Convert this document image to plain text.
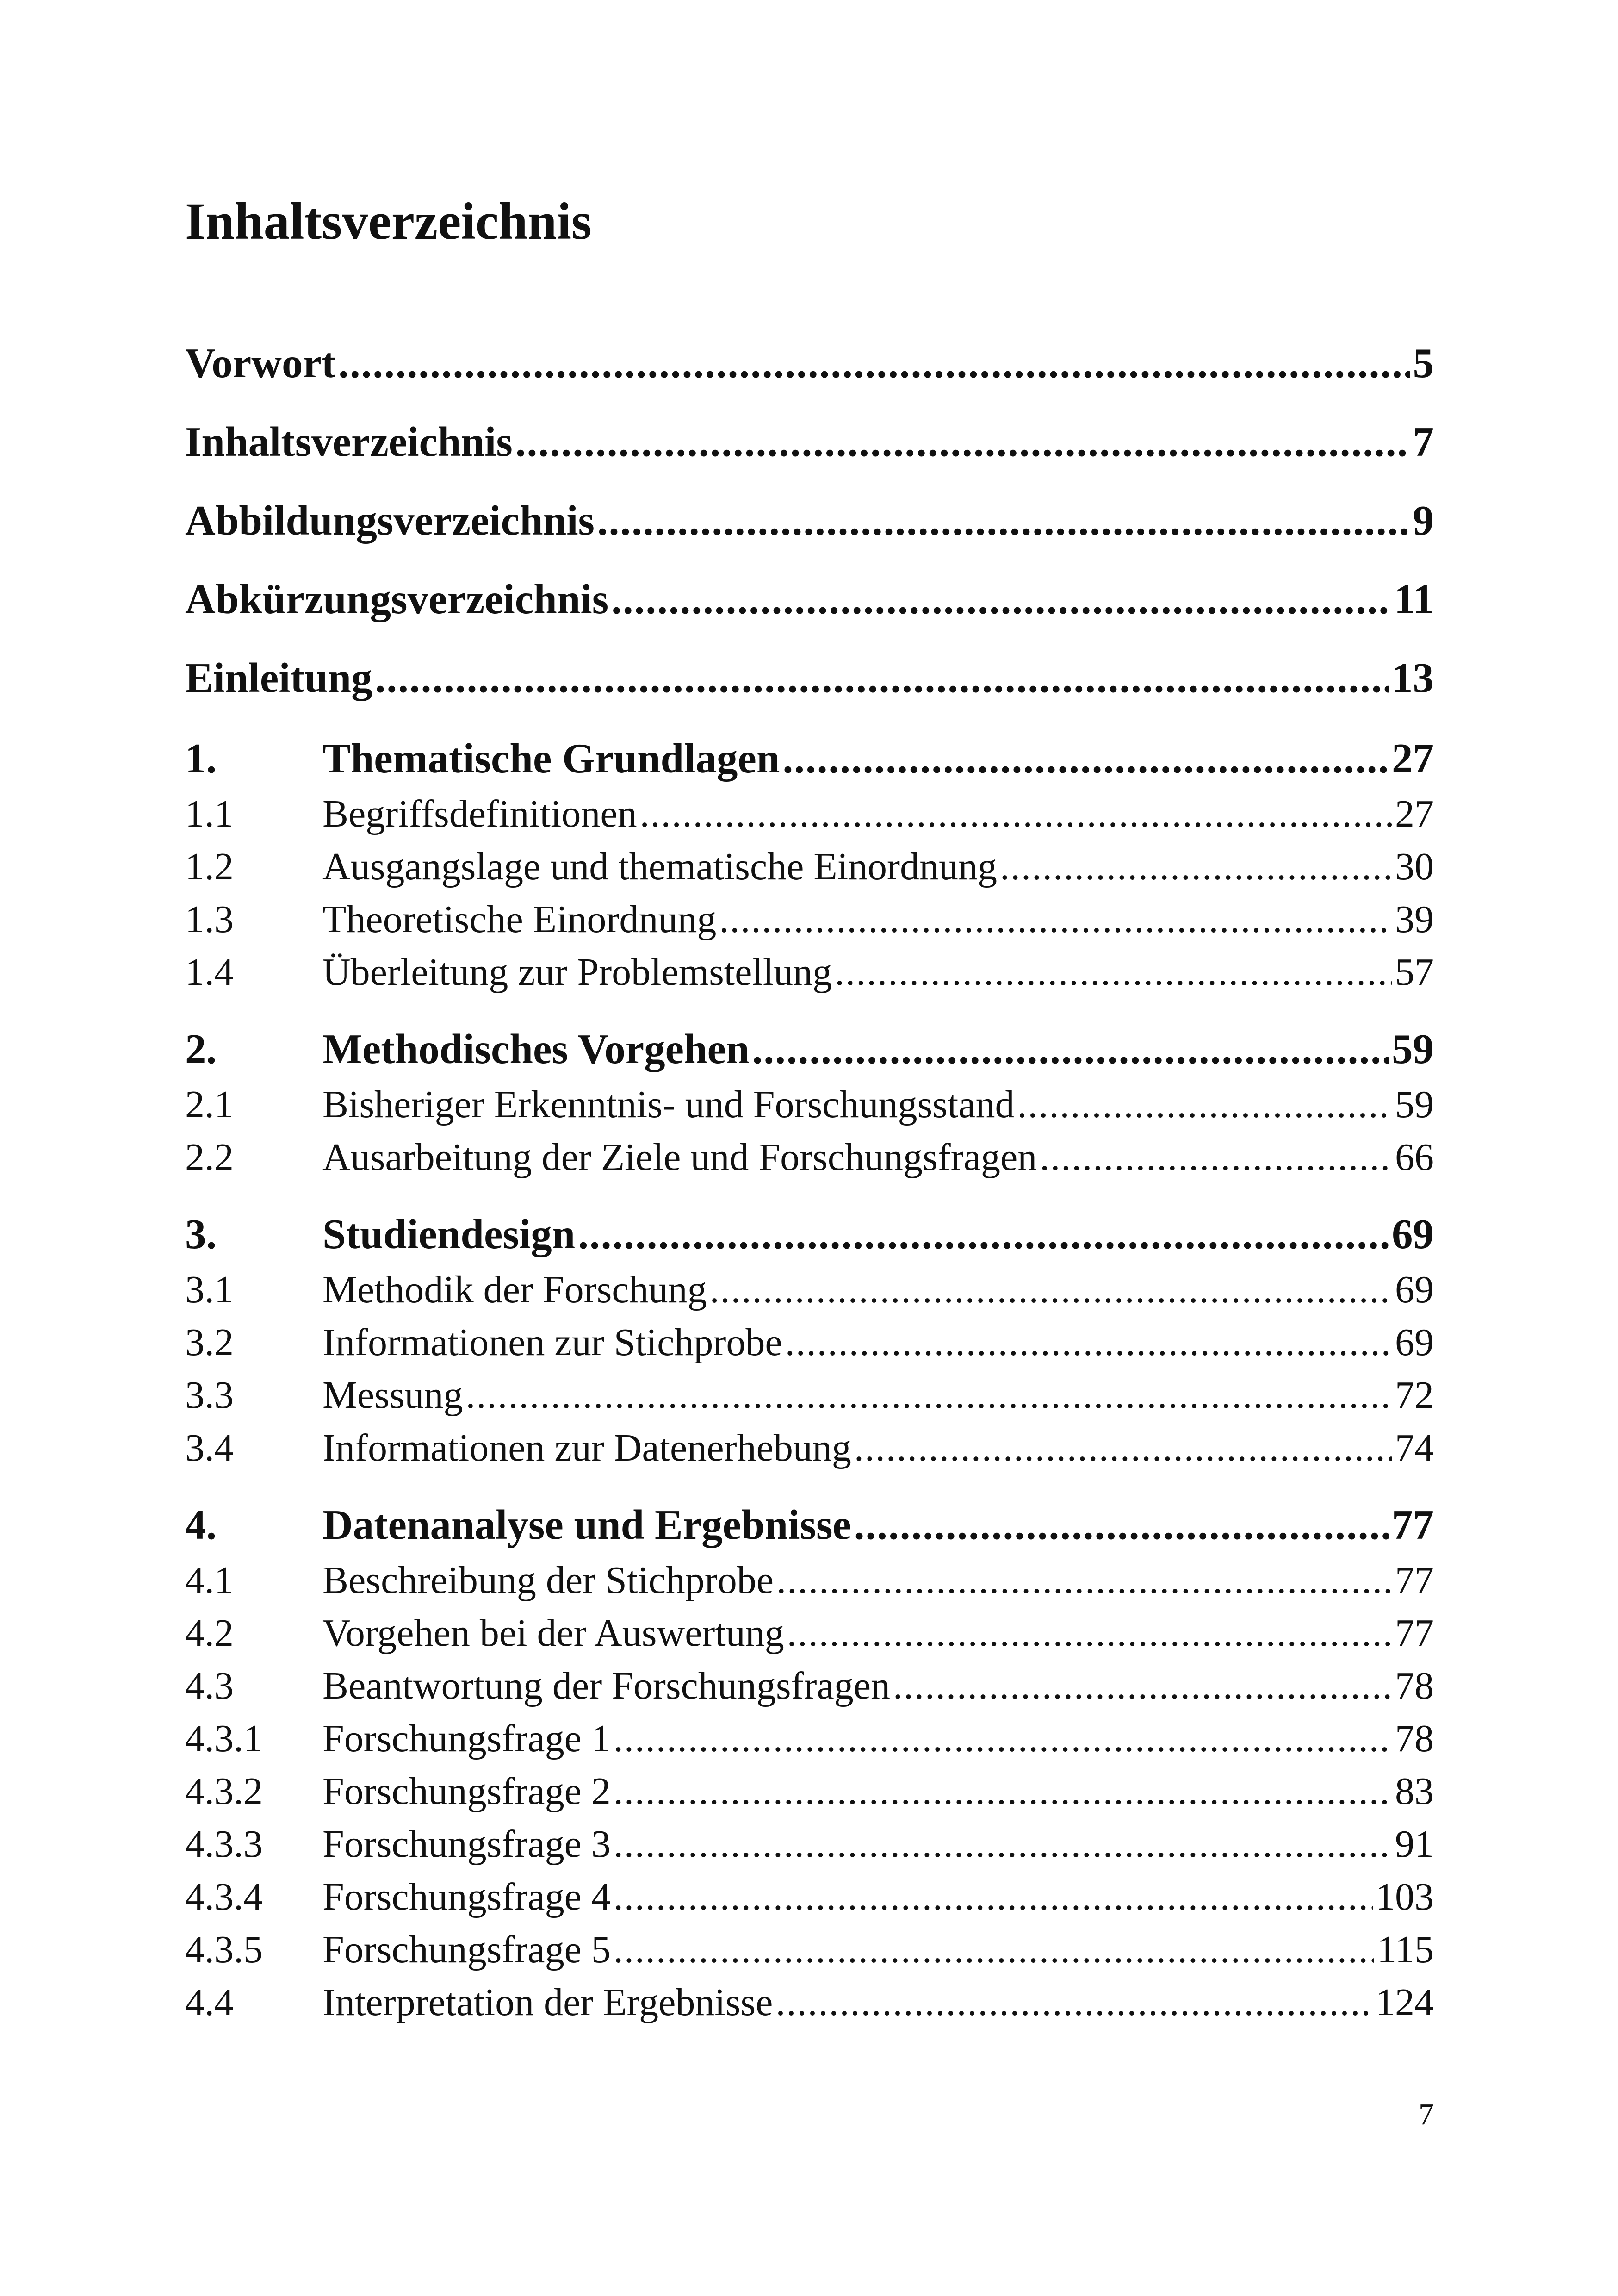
Inhaltsverzeichnis
Vorwort .....	5
Inhaltsverzeichnis .....	7
Abbildungsverzeichnis .....	9
Abkürzungsverzeichnis .....	11
Einleitung .....	13
1.	Thematische Grundlagen .....	27
1.1	Begriffsdefinitionen .....	27
1.2	Ausgangslage und thematische Einordnung .....	30
1.3	Theoretische Einordnung .....	39
1.4	Überleitung zur Problemstellung .....	57
2.	Methodisches Vorgehen .....	59
2.1	Bisheriger Erkenntnis- und Forschungsstand .....	59
2.2	Ausarbeitung der Ziele und Forschungsfragen .....	66
3.	Studiendesign .....	69
3.1	Methodik der Forschung .....	69
3.2	Informationen zur Stichprobe .....	69
3.3	Messung .....	72
3.4	Informationen zur Datenerhebung .....	74
4.	Datenanalyse und Ergebnisse .....	77
4.1	Beschreibung der Stichprobe .....	77
4.2	Vorgehen bei der Auswertung .....	77
4.3	Beantwortung der Forschungsfragen .....	78
4.3.1	Forschungsfrage 1 .....	78
4.3.2	Forschungsfrage 2 .....	83
4.3.3	Forschungsfrage 3 .....	91
4.3.4	Forschungsfrage 4 .....	103
4.3.5	Forschungsfrage 5 .....	115
4.4	Interpretation der Ergebnisse .....	124
7
